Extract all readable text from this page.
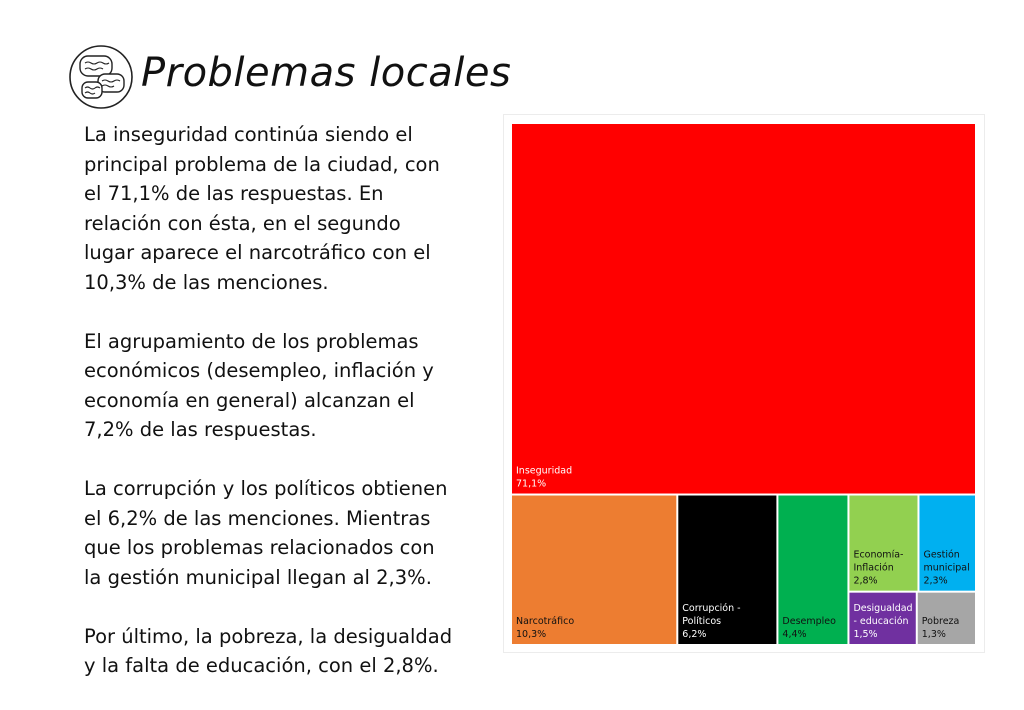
Problemas locales

La inseguridad continúa siendo el
principal problema de la ciudad, con
el 71,1% de las respuestas. En
relación con ésta, en el segundo
lugar aparece el narcotráfico con el
10,3% de las menciones.

El agrupamiento de los problemas
económicos (desempleo, inflación y
economía en general) alcanzan el
7,2% de las respuestas.

La corrupción y los políticos obtienen
el 6,2% de las menciones. Mientras
que los problemas relacionados con
la gestión municipal llegan al 2,3%.

Por último, la pobreza, la desigualdad
y la falta de educación, con el 2,8%.

Inseguridad
71,1%
Narcotráfico
10,3%
Corrupción -
Políticos
6,2%
Desempleo
4,4%
Economía-
Inflación
2,8%
Gestión
municipal
2,3%
Desigualdad
- educación
1,5%
Pobreza
1,3%
